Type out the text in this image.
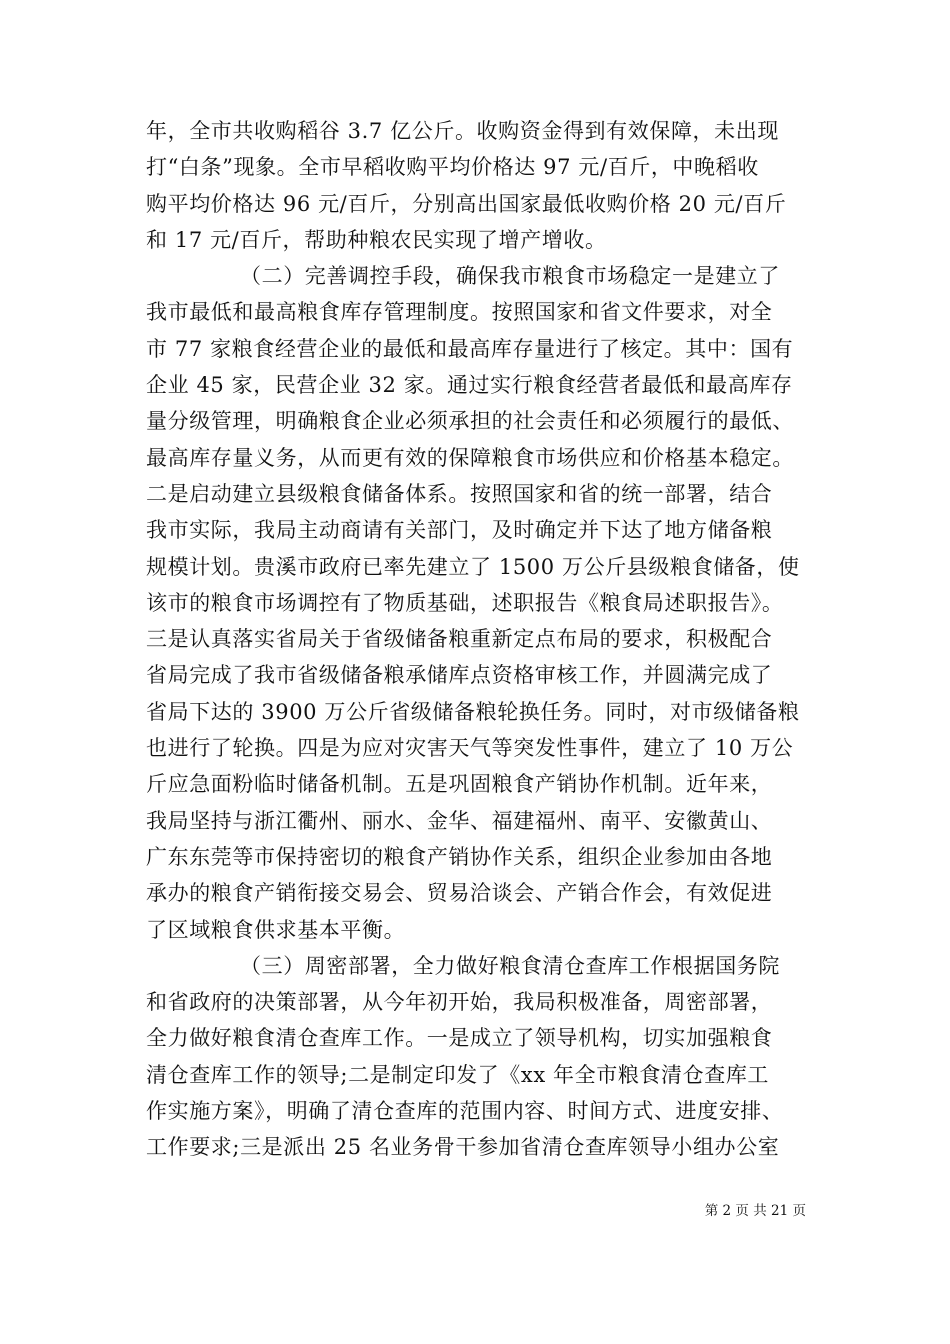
年，全市共收购稻谷 3.7 亿公斤。收购资金得到有效保障，未出现
打“白条”现象。全市早稻收购平均价格达 97 元/百斤，中晚稻收
购平均价格达 96 元/百斤，分别高出国家最低收购价格 20 元/百斤
和 17 元/百斤，帮助种粮农民实现了增产增收。
（二）完善调控手段，确保我市粮食市场稳定一是建立了
我市最低和最高粮食库存管理制度。按照国家和省文件要求，对全
市 77 家粮食经营企业的最低和最高库存量进行了核定。其中：国有
企业 45 家，民营企业 32 家。通过实行粮食经营者最低和最高库存
量分级管理，明确粮食企业必须承担的社会责任和必须履行的最低、
最高库存量义务，从而更有效的保障粮食市场供应和价格基本稳定。
二是启动建立县级粮食储备体系。按照国家和省的统一部署，结合
我市实际，我局主动商请有关部门，及时确定并下达了地方储备粮
规模计划。贵溪市政府已率先建立了 1500 万公斤县级粮食储备，使
该市的粮食市场调控有了物质基础，述职报告《粮食局述职报告》。
三是认真落实省局关于省级储备粮重新定点布局的要求，积极配合
省局完成了我市省级储备粮承储库点资格审核工作，并圆满完成了
省局下达的 3900 万公斤省级储备粮轮换任务。同时，对市级储备粮
也进行了轮换。四是为应对灾害天气等突发性事件，建立了 10 万公
斤应急面粉临时储备机制。五是巩固粮食产销协作机制。近年来，
我局坚持与浙江衢州、丽水、金华、福建福州、南平、安徽黄山、
广东东莞等市保持密切的粮食产销协作关系，组织企业参加由各地
承办的粮食产销衔接交易会、贸易洽谈会、产销合作会，有效促进
了区域粮食供求基本平衡。
（三）周密部署，全力做好粮食清仓查库工作根据国务院
和省政府的决策部署，从今年初开始，我局积极准备，周密部署，
全力做好粮食清仓查库工作。一是成立了领导机构，切实加强粮食
清仓查库工作的领导;二是制定印发了《xx 年全市粮食清仓查库工
作实施方案》，明确了清仓查库的范围内容、时间方式、进度安排、
工作要求;三是派出 25 名业务骨干参加省清仓查库领导小组办公室
第 2 页 共 21 页
